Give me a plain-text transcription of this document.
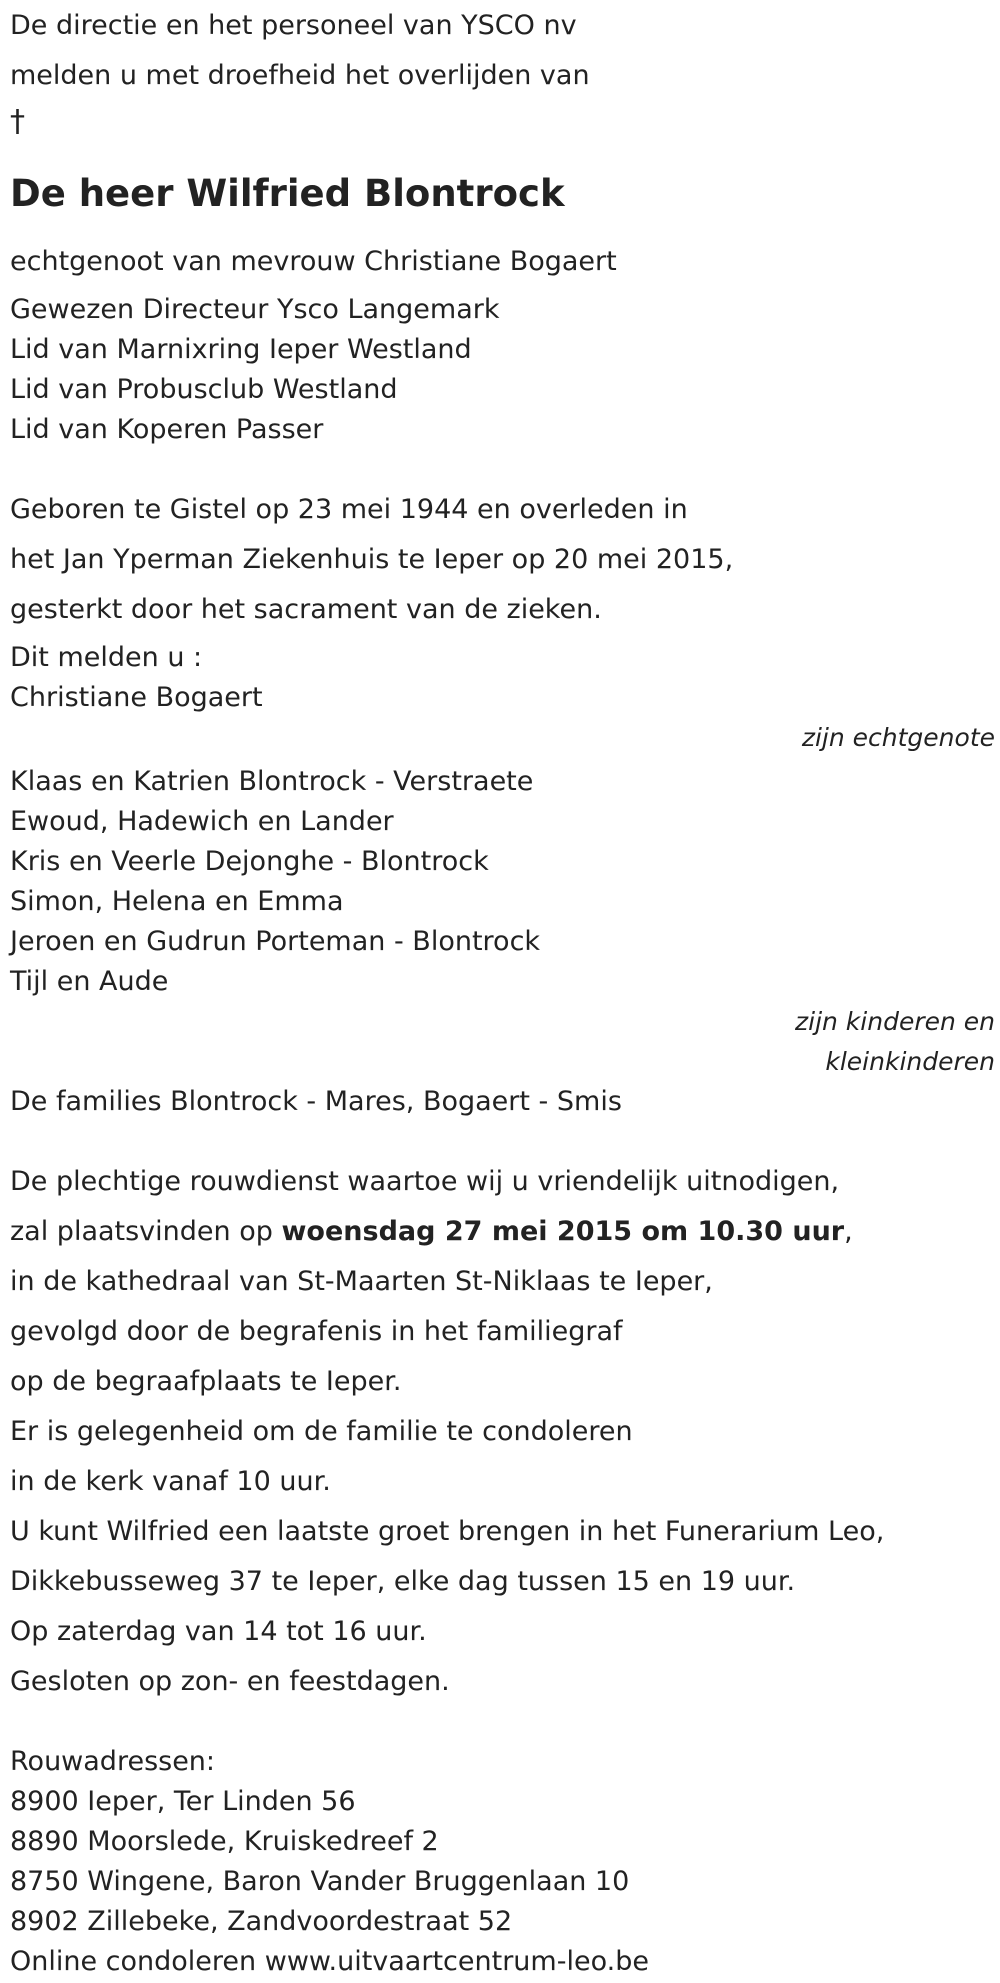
De directie en het personeel van YSCO nv
melden u met droefheid het overlijden van
†
De heer Wilfried Blontrock
echtgenoot van mevrouw Christiane Bogaert
Gewezen Directeur Ysco Langemark
Lid van Marnixring Ieper Westland
Lid van Probusclub Westland
Lid van Koperen Passer
Geboren te Gistel op 23 mei 1944 en overleden in
het Jan Yperman Ziekenhuis te Ieper op 20 mei 2015,
gesterkt door het sacrament van de zieken.
Dit melden u :
Christiane Bogaert
zijn echtgenote
Klaas en Katrien Blontrock - Verstraete
Ewoud, Hadewich en Lander
Kris en Veerle Dejonghe - Blontrock
Simon, Helena en Emma
Jeroen en Gudrun Porteman - Blontrock
Tijl en Aude
zijn kinderen en
kleinkinderen
De families Blontrock - Mares, Bogaert - Smis
De plechtige rouwdienst waartoe wij u vriendelijk uitnodigen,
zal plaatsvinden op woensdag 27 mei 2015 om 10.30 uur,
in de kathedraal van St-Maarten St-Niklaas te Ieper,
gevolgd door de begrafenis in het familiegraf
op de begraafplaats te Ieper.
Er is gelegenheid om de familie te condoleren
in de kerk vanaf 10 uur.
U kunt Wilfried een laatste groet brengen in het Funerarium Leo,
Dikkebusseweg 37 te Ieper, elke dag tussen 15 en 19 uur.
Op zaterdag van 14 tot 16 uur.
Gesloten op zon- en feestdagen.
Rouwadressen:
8900 Ieper, Ter Linden 56
8890 Moorslede, Kruiskedreef 2
8750 Wingene, Baron Vander Bruggenlaan 10
8902 Zillebeke, Zandvoordestraat 52
Online condoleren www.uitvaartcentrum-leo.be
